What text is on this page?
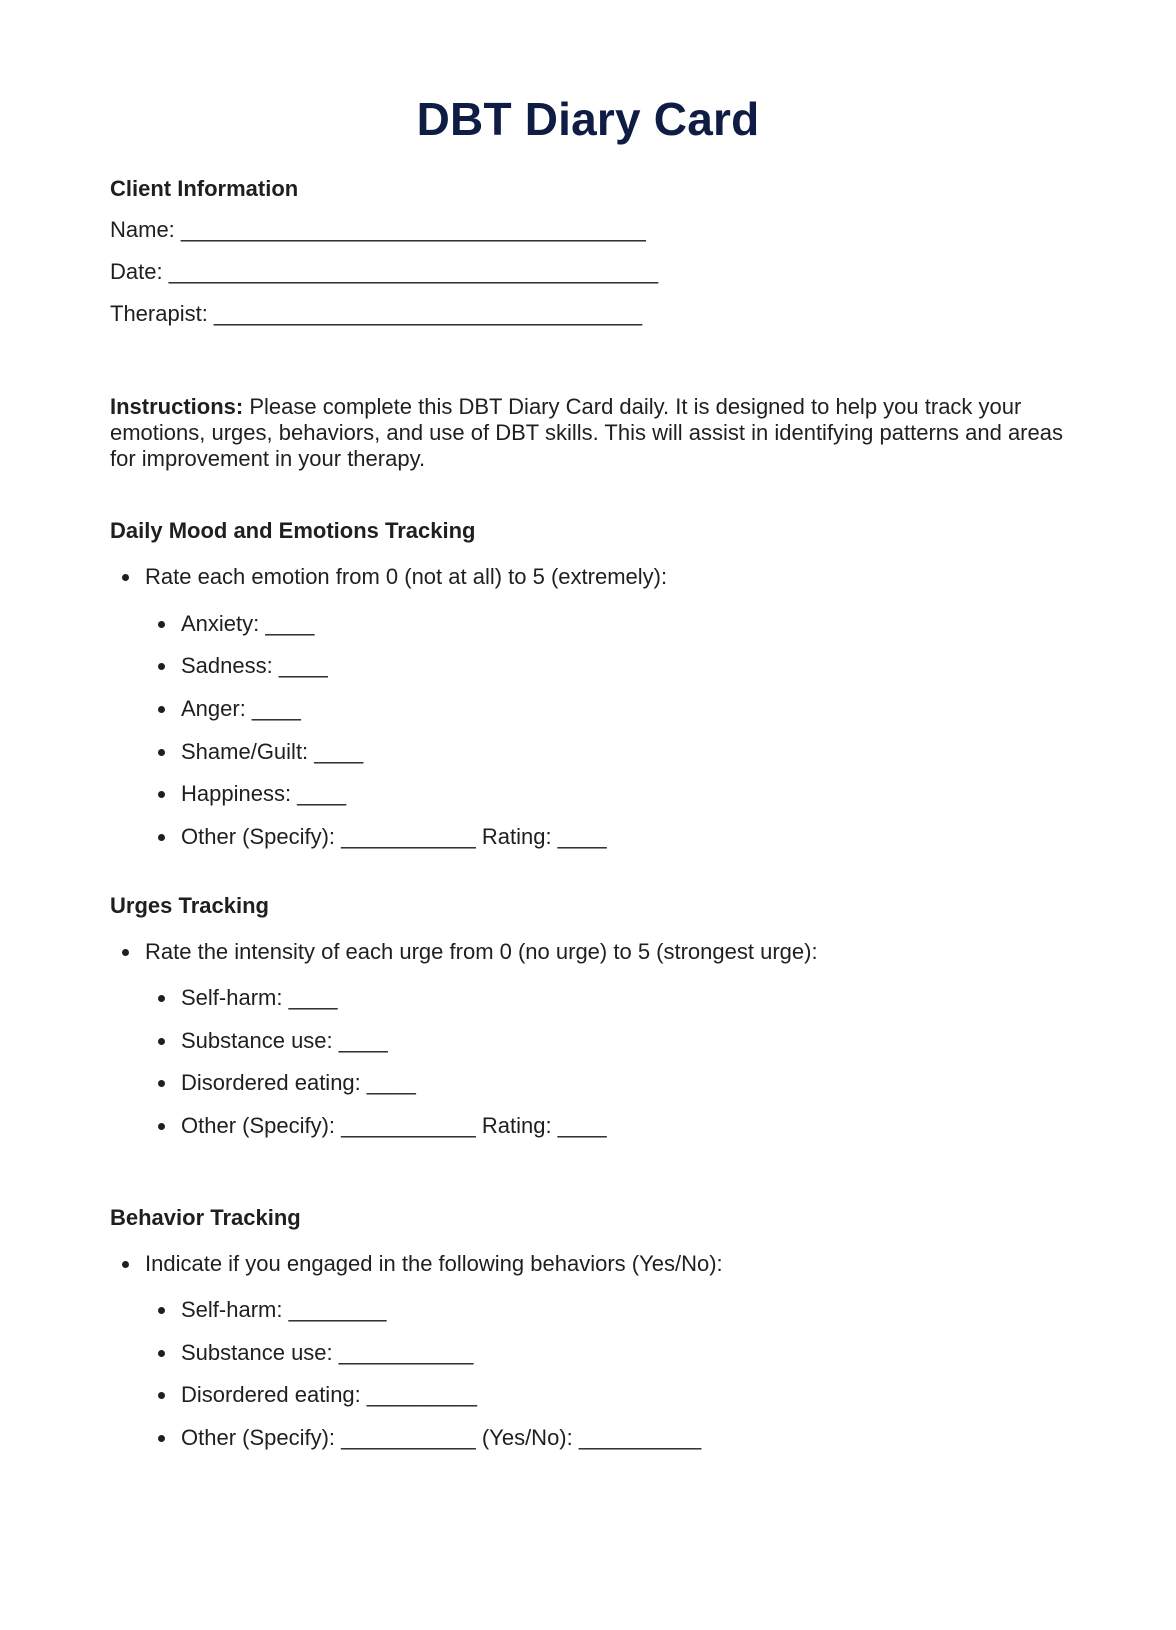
DBT Diary Card
Client Information

Name: ______________________________________

Date: ________________________________________

Therapist: ___________________________________

Instructions: Please complete this DBT Diary Card daily. It is designed to help you track your emotions, urges, behaviors, and use of DBT skills. This will assist in identifying patterns and areas for improvement in your therapy.

Daily Mood and Emotions Tracking

Rate each emotion from 0 (not at all) to 5 (extremely):

Anxiety: ____

Sadness: ____

Anger: ____

Shame/Guilt: ____

Happiness: ____

Other (Specify): ___________ Rating: ____

Urges Tracking

Rate the intensity of each urge from 0 (no urge) to 5 (strongest urge):

Self-harm: ____

Substance use: ____

Disordered eating: ____

Other (Specify): ___________ Rating: ____

Behavior Tracking

Indicate if you engaged in the following behaviors (Yes/No):

Self-harm: ________

Substance use: ___________

Disordered eating: _________

Other (Specify): ___________ (Yes/No): __________
